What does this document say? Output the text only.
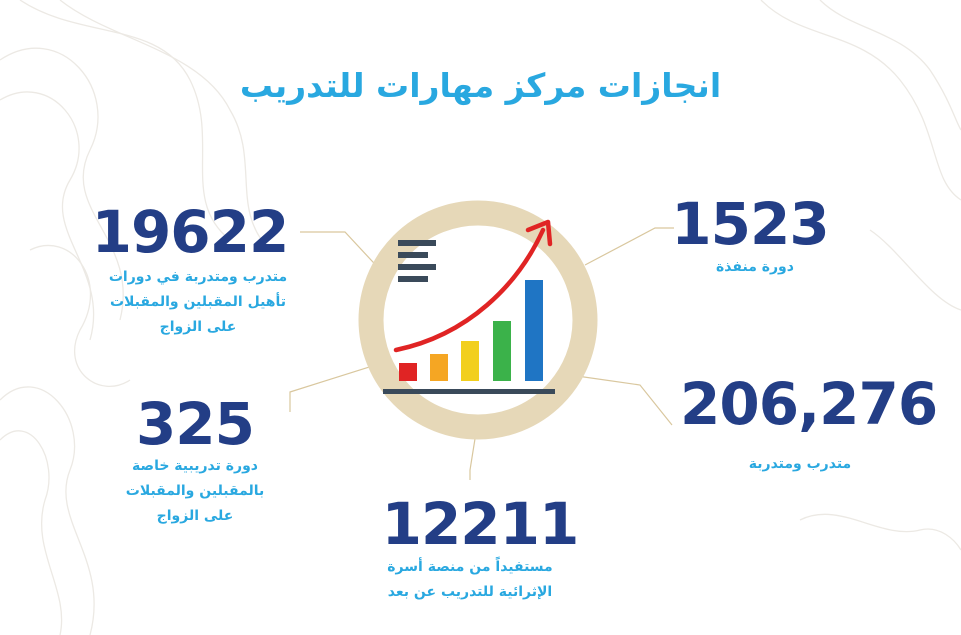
انجازات مركز مهارات للتدريب
1523
دورة منفذة
206,276
متدرب ومتدربة
19622
متدرب ومتدربة في دورات تأهيل المقبلين والمقبلات على الزواج
325
دورة تدريبية خاصة بالمقبلين والمقبلات على الزواج	12211
مستفيداً من منصة أسرة الإثرائية للتدريب عن بعد
